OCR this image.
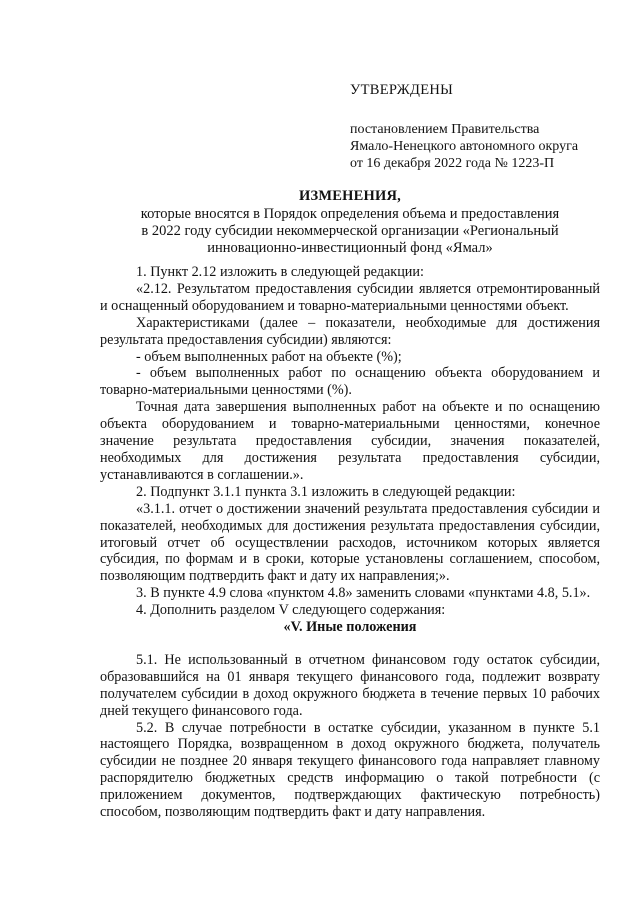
УТВЕРЖДЕНЫ
постановлением Правительства
Ямало-Ненецкого автономного округа
от 16 декабря 2022 года № 1223-П
ИЗМЕНЕНИЯ,
которые вносятся в Порядок определения объема и предоставления
в 2022 году субсидии некоммерческой организации «Региональный
инновационно-инвестиционный фонд «Ямал»

1. Пункт 2.12 изложить в следующей редакции:

«2.12. Результатом предоставления субсидии является отремонтированный и оснащенный оборудованием и товарно-материальными ценностями объект.

Характеристиками (далее – показатели, необходимые для достижения результата предоставления субсидии) являются:

- объем выполненных работ на объекте (%);

- объем выполненных работ по оснащению объекта оборудованием и товарно-материальными ценностями (%).

Точная дата завершения выполненных работ на объекте и по оснащению объекта оборудованием и товарно-материальными ценностями, конечное значение результата предоставления субсидии, значения показателей, необходимых для достижения результата предоставления субсидии, устанавливаются в соглашении.».

2. Подпункт 3.1.1 пункта 3.1 изложить в следующей редакции:

«3.1.1. отчет о достижении значений результата предоставления субсидии и показателей, необходимых для достижения результата предоставления субсидии, итоговый отчет об осуществлении расходов, источником которых является субсидия, по формам и в сроки, которые установлены соглашением, способом, позволяющим подтвердить факт и дату их направления;».

3. В пункте 4.9 слова «пунктом 4.8» заменить словами «пунктами 4.8, 5.1».

4. Дополнить разделом V следующего содержания:

«V. Иные положения

5.1. Не использованный в отчетном финансовом году остаток субсидии, образовавшийся на 01 января текущего финансового года, подлежит возврату получателем субсидии в доход окружного бюджета в течение первых 10 рабочих дней текущего финансового года.

5.2. В случае потребности в остатке субсидии, указанном в пункте 5.1 настоящего Порядка, возвращенном в доход окружного бюджета, получатель субсидии не позднее 20 января текущего финансового года направляет главному распорядителю бюджетных средств информацию о такой потребности (с приложением документов, подтверждающих фактическую потребность) способом, позволяющим подтвердить факт и дату направления.
